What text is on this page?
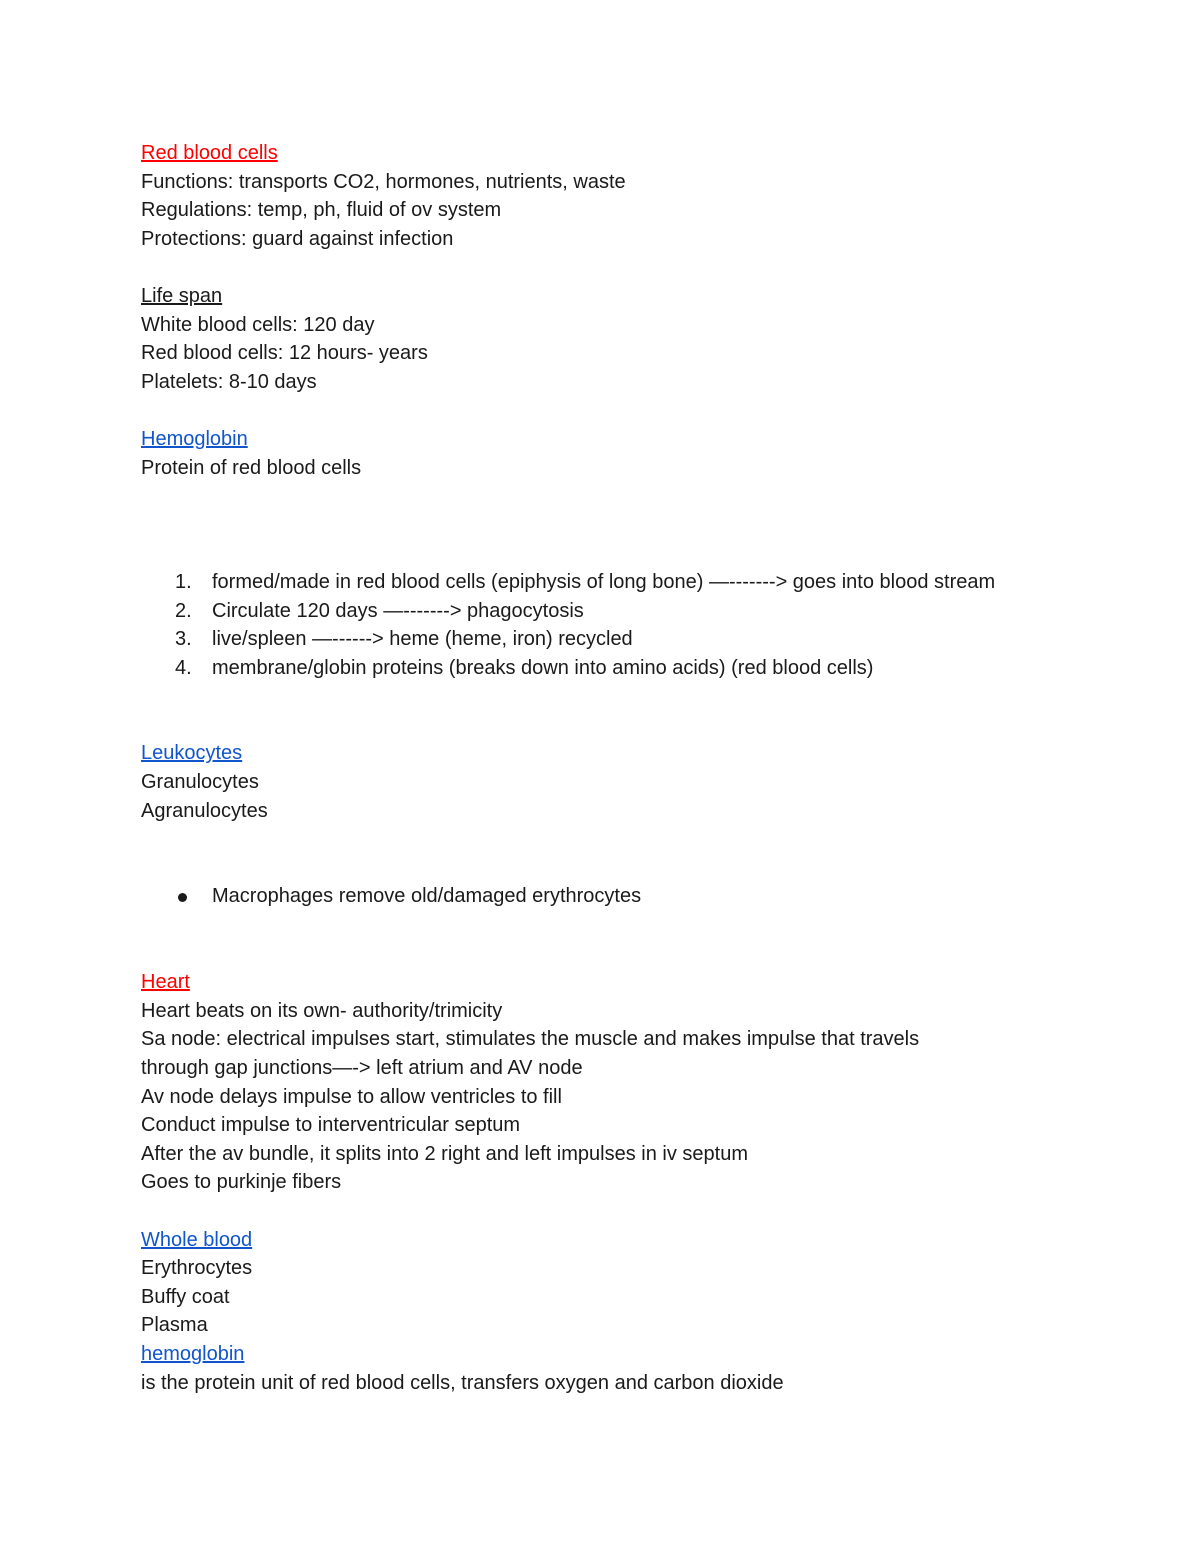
Red blood cells
Functions: transports CO2, hormones, nutrients, waste
Regulations: temp, ph, fluid of ov system
Protections: guard against infection
Life span
White blood cells: 120 day
Red blood cells: 12 hours- years
Platelets: 8-10 days
Hemoglobin
Protein of red blood cells
1.	formed/made in red blood cells (epiphysis of long bone) —-------> goes into blood stream
2.	Circulate 120 days —-------> phagocytosis
3.	live/spleen —------> heme (heme, iron) recycled
4.	membrane/globin proteins (breaks down into amino acids) (red blood cells)
Leukocytes
Granulocytes
Agranulocytes
Macrophages remove old/damaged erythrocytes
Heart
Heart beats on its own- authority/trimicity
Sa node: electrical impulses start, stimulates the muscle and makes impulse that travels
through gap junctions—-> left atrium and AV node
Av node delays impulse to allow ventricles to fill
Conduct impulse to interventricular septum
After the av bundle, it splits into 2 right and left impulses in iv septum
Goes to purkinje fibers
Whole blood
Erythrocytes
Buffy coat
Plasma
hemoglobin
is the protein unit of red blood cells, transfers oxygen and carbon dioxide
